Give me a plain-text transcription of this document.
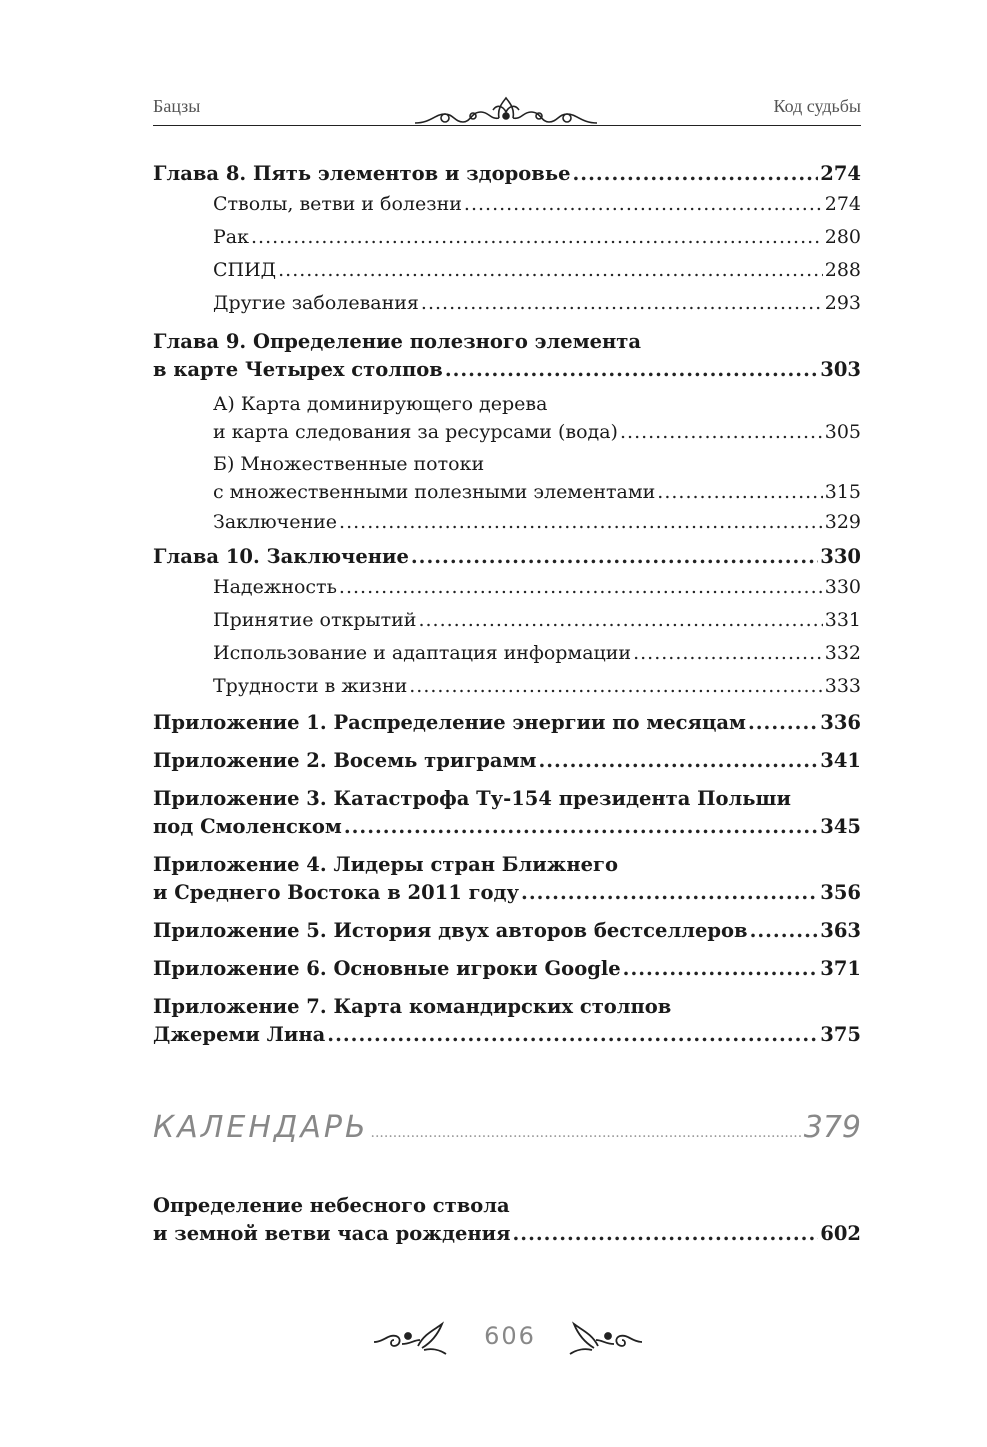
Бацзы	Код судьбы
Глава 8. Пять элементов и здоровье .....	274
Стволы, ветви и болезни .....	274
Рак .....	280
СПИД .....	288
Другие заболевания .....	293
Глава 9. Определение полезного элемента
в карте Четырех столпов .....	303
А) Карта доминирующего дерева
и карта следования за ресурсами (вода) .....	305
Б) Множественные потоки
с множественными полезными элементами .....	315
Заключение .....	329
Глава 10. Заключение .....	330
Надежность .....	330
Принятие открытий .....	331
Использование и адаптация информации .....	332
Трудности в жизни .....	333
Приложение 1. Распределение энергии по месяцам .....	336
Приложение 2. Восемь триграмм .....	341
Приложение 3. Катастрофа Ту-154 президента Польши
под Смоленском .....	345
Приложение 4. Лидеры стран Ближнего
и Среднего Востока в 2011 году .....	356
Приложение 5. История двух авторов бестселлеров .....	363
Приложение 6. Основные игроки Google .....	371
Приложение 7. Карта командирских столпов
Джереми Лина .....	375
КАЛЕНДАРЬ .....	379
Определение небесного ствола
и земной ветви часа рождения .....	602
606
